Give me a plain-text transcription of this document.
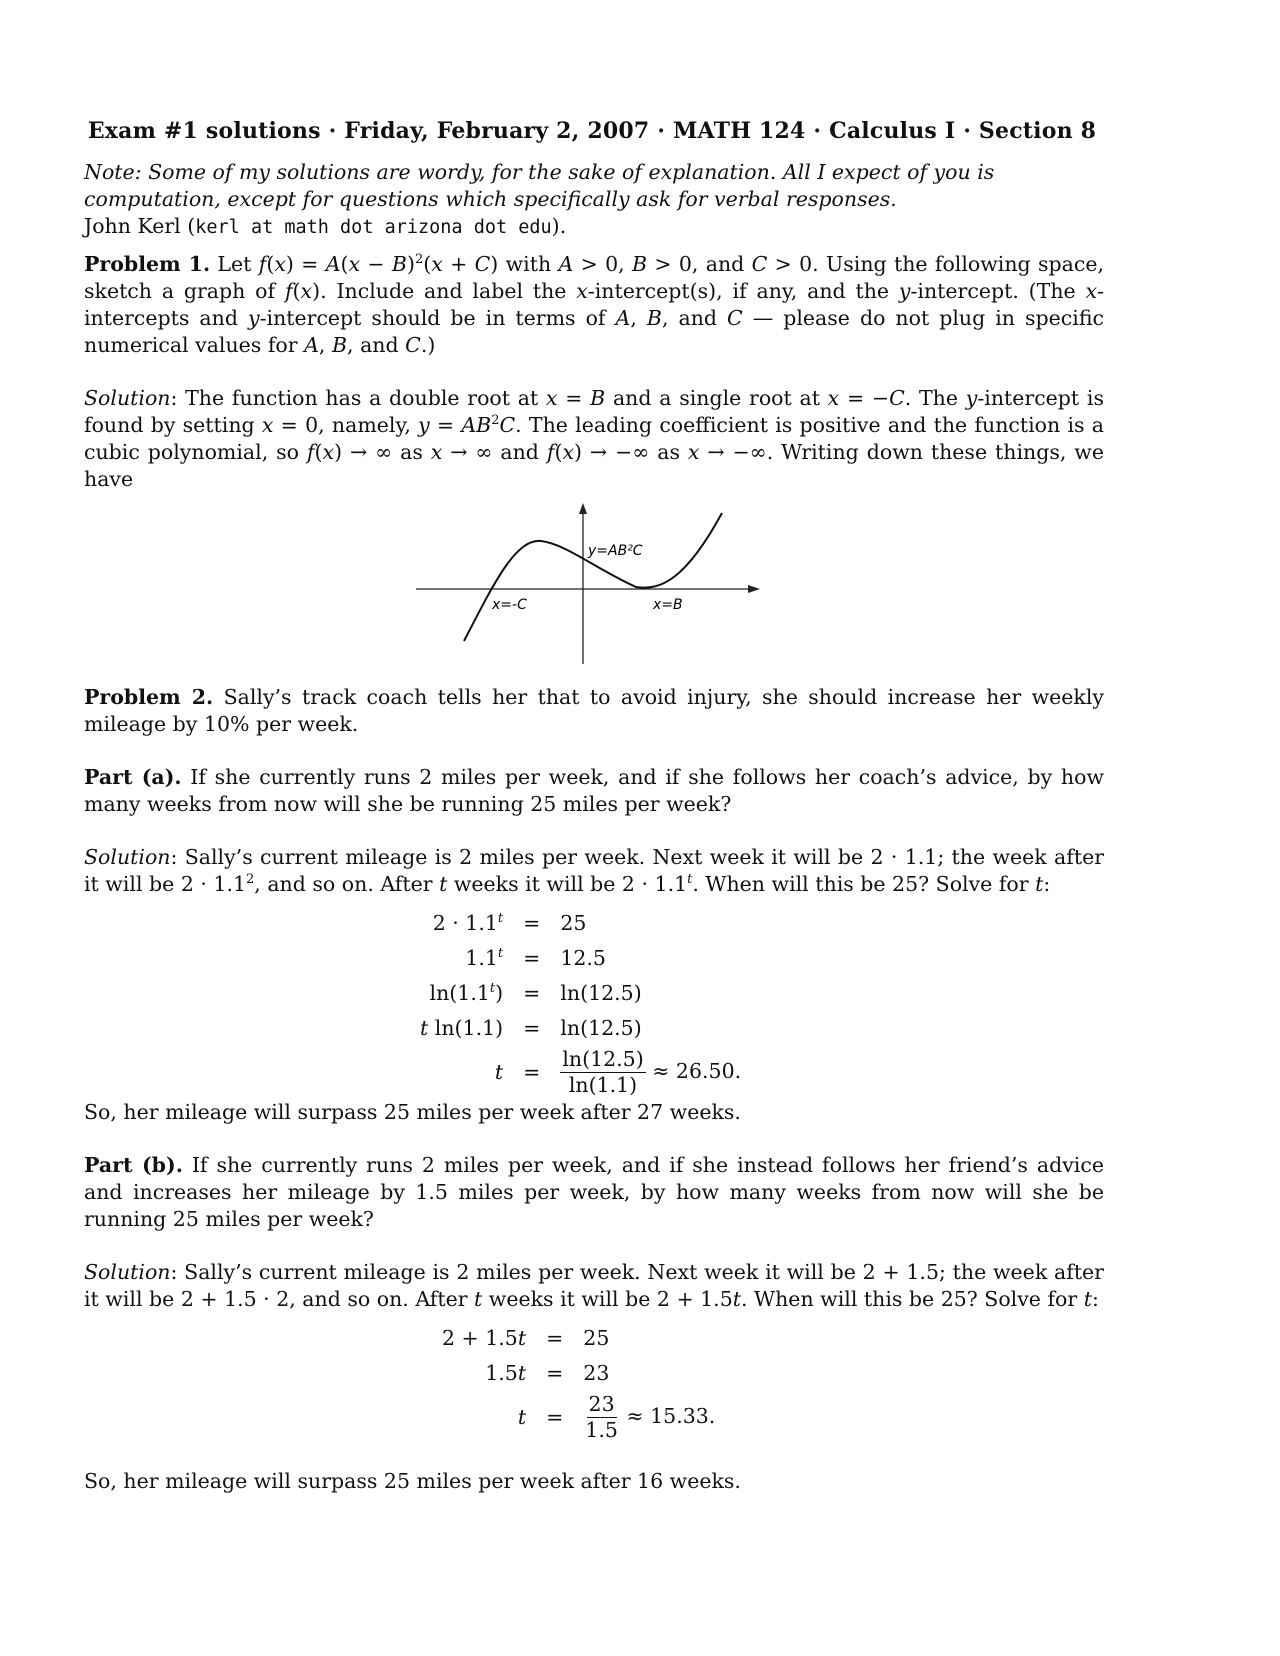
Exam #1 solutions · Friday, February 2, 2007 · MATH 124 · Calculus I · Section 8
Note: Some of my solutions are wordy, for the sake of explanation. All I expect of you is computation, except for questions which specifically ask for verbal responses.
John Kerl (kerl at math dot arizona dot edu).
Problem 1. Let $f(x) = A(x - B)^2(x + C)$ with A > 0, B > 0, and C > 0. Using the following space, sketch a graph of f(x). Include and label the x-intercept(s), if any, and the y-intercept. (The x-intercepts and y-intercept should be in terms of A, B, and C — please do not plug in specific numerical values for A, B, and C.)
Solution: The function has a double root at x = B and a single root at x = −C. The y-intercept is found by setting x = 0, namely, $y = AB^2C$. The leading coefficient is positive and the function is a cubic polynomial, so f(x) → ∞ as x → ∞ and f(x) → −∞ as x → −∞. Writing down these things, we have
x=-C	x=B
y=AB²C
Problem 2. Sally’s track coach tells her that to avoid injury, she should increase her weekly mileage by 10% per week.
Part (a). If she currently runs 2 miles per week, and if she follows her coach’s advice, by how many weeks from now will she be running 25 miles per week?
Solution: Sally’s current mileage is 2 miles per week. Next week it will be 2 · 1.1; the week after it will be $2 \cdot 1.1^2$, and so on. After t weeks it will be $2 \cdot 1.1^t$. When will this be 25? Solve for t:
$2 \cdot 1.1^t$	=	25
$1.1^t$	=	12.5
$\ln(1.1^t)$	=	ln(12.5)
t ln(1.1)	=	ln(12.5)
t	=	$\frac{\ln(12.5)}{\ln(1.1)} \approx 26.50$.
So, her mileage will surpass 25 miles per week after 27 weeks.
Part (b). If she currently runs 2 miles per week, and if she instead follows her friend’s advice and increases her mileage by 1.5 miles per week, by how many weeks from now will she be running 25 miles per week?
Solution: Sally’s current mileage is 2 miles per week. Next week it will be 2 + 1.5; the week after it will be 2 + 1.5 · 2, and so on. After t weeks it will be 2 + 1.5t. When will this be 25? Solve for t:
2 + 1.5t	=	25
1.5t	=	23
t	=	$\frac{23}{1.5} \approx 15.33$.
So, her mileage will surpass 25 miles per week after 16 weeks.
